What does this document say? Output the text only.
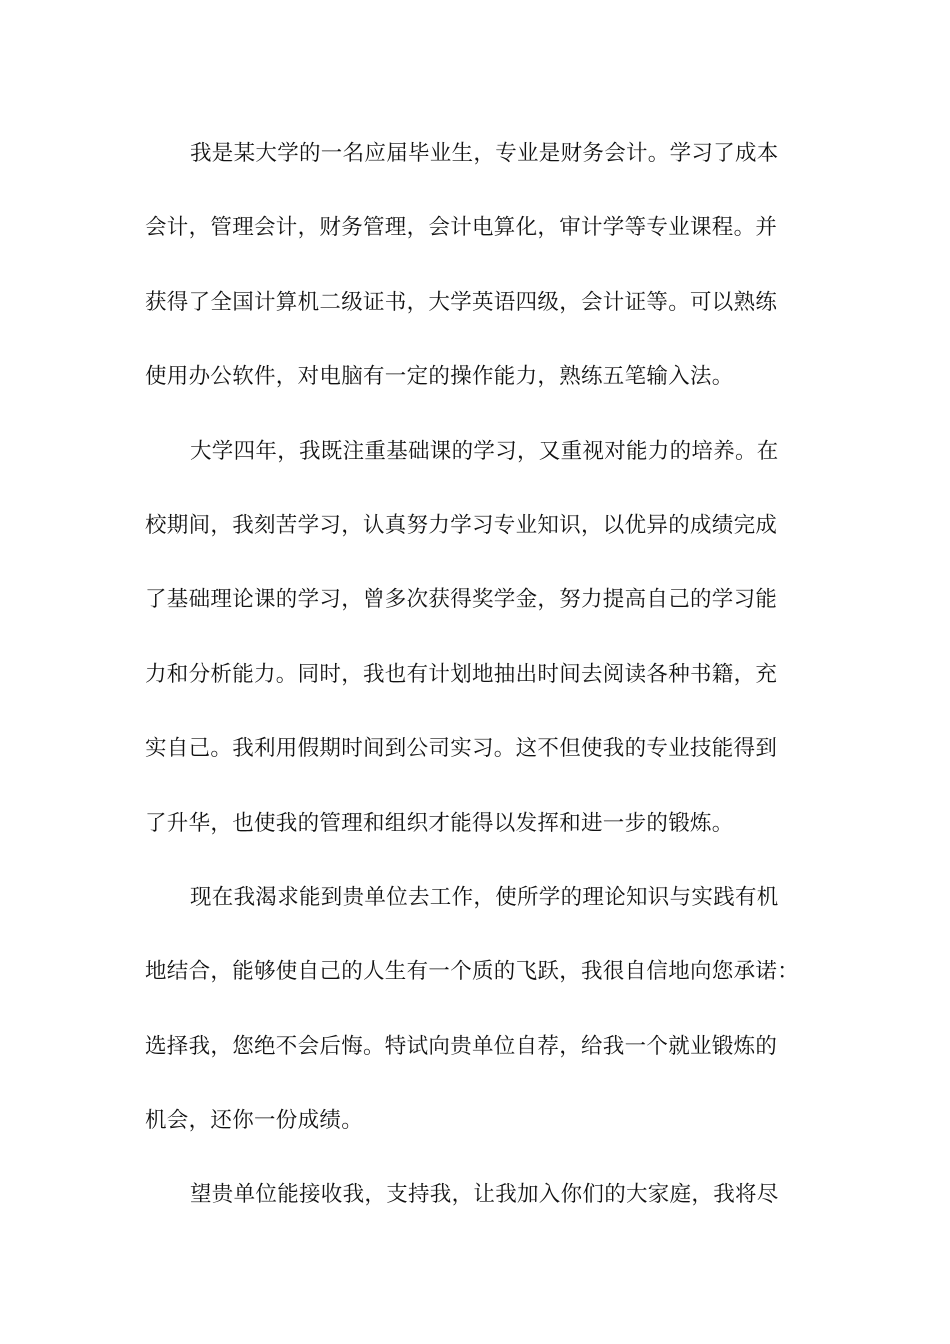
我是某大学的一名应届毕业生，专业是财务会计。学习了成本
会计，管理会计，财务管理，会计电算化，审计学等专业课程。并
获得了全国计算机二级证书，大学英语四级，会计证等。可以熟练
使用办公软件，对电脑有一定的操作能力，熟练五笔输入法。
大学四年，我既注重基础课的学习，又重视对能力的培养。在
校期间，我刻苦学习，认真努力学习专业知识，以优异的成绩完成
了基础理论课的学习，曾多次获得奖学金，努力提高自己的学习能
力和分析能力。同时，我也有计划地抽出时间去阅读各种书籍，充
实自己。我利用假期时间到公司实习。这不但使我的专业技能得到
了升华，也使我的管理和组织才能得以发挥和进一步的锻炼。
现在我渴求能到贵单位去工作，使所学的理论知识与实践有机
地结合，能够使自己的人生有一个质的飞跃，我很自信地向您承诺：
选择我，您绝不会后悔。特试向贵单位自荐，给我一个就业锻炼的
机会，还你一份成绩。
望贵单位能接收我，支持我，让我加入你们的大家庭，我将尽
